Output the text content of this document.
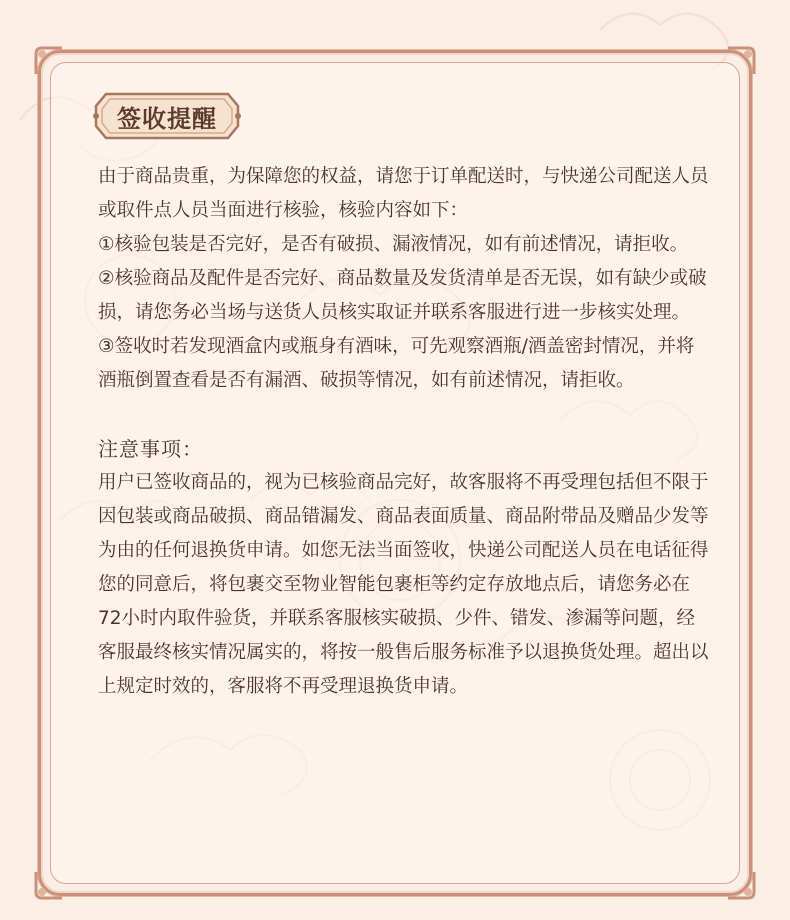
签收提醒
由于商品贵重，为保障您的权益，请您于订单配送时，与快递公司配送人员或取件点人员当面进行核验，核验内容如下：
①核验包装是否完好，是否有破损、漏液情况，如有前述情况，请拒收。
②核验商品及配件是否完好、商品数量及发货清单是否无误，如有缺少或破损，请您务必当场与送货人员核实取证并联系客服进行进一步核实处理。
③签收时若发现酒盒内或瓶身有酒味，可先观察酒瓶/酒盖密封情况，并将酒瓶倒置查看是否有漏酒、破损等情况，如有前述情况，请拒收。
注意事项：
用户已签收商品的，视为已核验商品完好，故客服将不再受理包括但不限于因包装或商品破损、商品错漏发、商品表面质量、商品附带品及赠品少发等为由的任何退换货申请。如您无法当面签收，快递公司配送人员在电话征得您的同意后，将包裹交至物业智能包裹柜等约定存放地点后，请您务必在72小时内取件验货，并联系客服核实破损、少件、错发、渗漏等问题，经客服最终核实情况属实的，将按一般售后服务标准予以退换货处理。超出以上规定时效的，客服将不再受理退换货申请。
